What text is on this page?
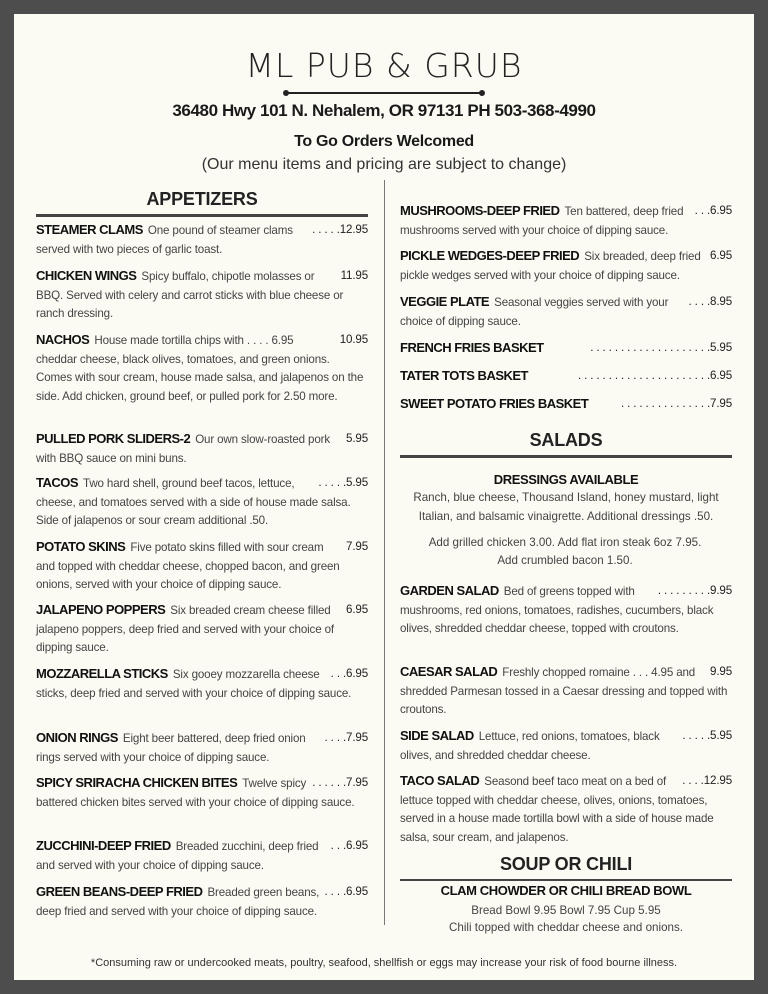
ML PUB & GRUB
36480 Hwy 101 N. Nehalem, OR 97131 PH 503-368-4990
To Go Orders Welcomed
(Our menu items and pricing are subject to change)
APPETIZERS
. . . . .12.95
STEAMER CLAMS One pound of steamer clams served with two pieces of garlic toast.
11.95
CHICKEN WINGS Spicy buffalo, chipotle molasses or BBQ. Served with celery and carrot sticks with blue cheese or ranch dressing.
10.95
NACHOS House made tortilla chips with . . . . 6.95 cheddar cheese, black olives, tomatoes, and green onions. Comes with sour cream, house made salsa, and jalapenos on the side. Add chicken, ground beef, or pulled pork for 2.50 more.
5.95
PULLED PORK SLIDERS-2 Our own slow-roasted pork with BBQ sauce on mini buns.
. . . . .5.95
TACOS Two hard shell, ground beef tacos, lettuce, cheese, and tomatoes served with a side of house made salsa. Side of jalapenos or sour cream additional .50.
7.95
POTATO SKINS Five potato skins filled with sour cream and topped with cheddar cheese, chopped bacon, and green onions, served with your choice of dipping sauce.
6.95
JALAPENO POPPERS Six breaded cream cheese filled jalapeno poppers, deep fried and served with your choice of dipping sauce.
. . .6.95
MOZZARELLA STICKS Six gooey mozzarella cheese sticks, deep fried and served with your choice of dipping sauce.
. . . .7.95
ONION RINGS Eight beer battered, deep fried onion rings served with your choice of dipping sauce.
. . . . . .7.95
SPICY SRIRACHA CHICKEN BITES Twelve spicy battered chicken bites served with your choice of dipping sauce.
. . .6.95
ZUCCHINI-DEEP FRIED Breaded zucchini, deep fried and served with your choice of dipping sauce.
. . . .6.95
GREEN BEANS-DEEP FRIED Breaded green beans, deep fried and served with your choice of dipping sauce.
. . .6.95
MUSHROOMS-DEEP FRIED Ten battered, deep fried mushrooms served with your choice of dipping sauce.
6.95
PICKLE WEDGES-DEEP FRIED Six breaded, deep fried pickle wedges served with your choice of dipping sauce.
. . . .8.95
VEGGIE PLATE Seasonal veggies served with your choice of dipping sauce.
. . . . . . . . . . . . . . . . . . . .5.95
FRENCH FRIES BASKET
. . . . . . . . . . . . . . . . . . . . . .6.95
TATER TOTS BASKET
. . . . . . . . . . . . . . .7.95
SWEET POTATO FRIES BASKET
SALADS
DRESSINGS AVAILABLE
Ranch, blue cheese, Thousand Island, honey mustard, light Italian, and balsamic vinaigrette. Additional dressings .50.
Add grilled chicken 3.00. Add flat iron steak 6oz 7.95.
Add crumbled bacon 1.50.
. . . . . . . . .9.95
GARDEN SALAD Bed of greens topped with mushrooms, red onions, tomatoes, radishes, cucumbers, black olives, shredded cheddar cheese, topped with croutons.
9.95
CAESAR SALAD Freshly chopped romaine . . . 4.95 and shredded Parmesan tossed in a Caesar dressing and topped with croutons.
. . . . .5.95
SIDE SALAD Lettuce, red onions, tomatoes, black olives, and shredded cheddar cheese.
. . . .12.95
TACO SALAD Seasond beef taco meat on a bed of lettuce topped with cheddar cheese, olives, onions, tomatoes, served in a house made tortilla bowl with a side of house made salsa, sour cream, and jalapenos.
SOUP OR CHILI
CLAM CHOWDER OR CHILI BREAD BOWL
Bread Bowl 9.95 Bowl 7.95 Cup 5.95
Chili topped with cheddar cheese and onions.
*Consuming raw or undercooked meats, poultry, seafood, shellfish or eggs may increase your risk of food bourne illness.
